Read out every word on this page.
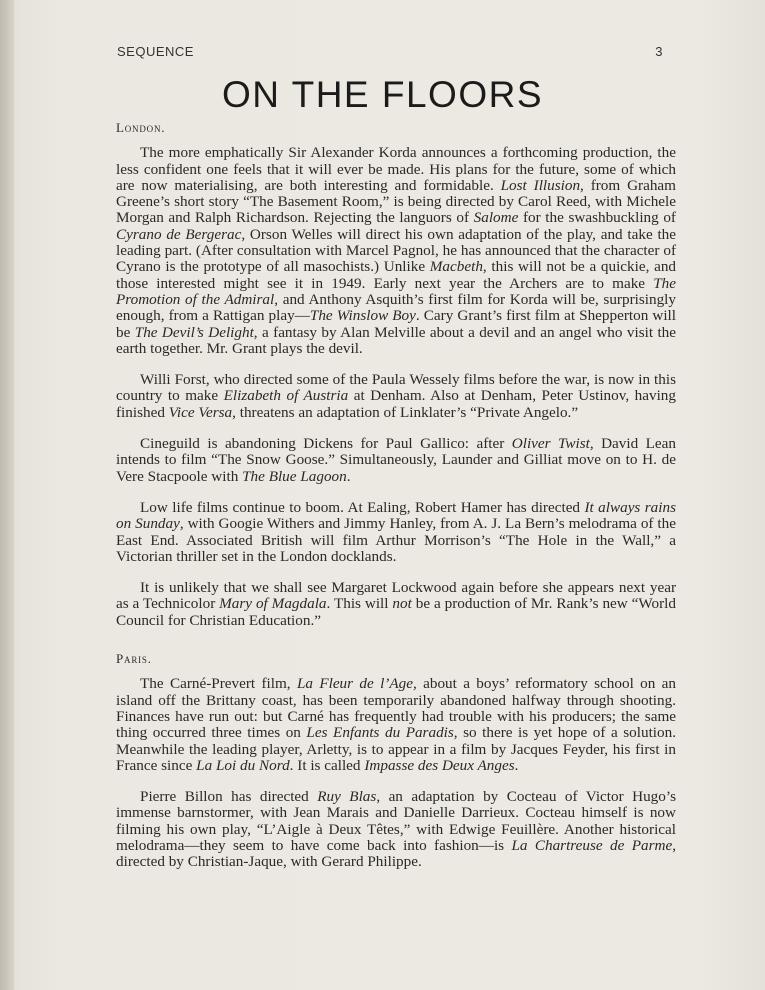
SEQUENCE	3
ON THE FLOORS
London.

The more emphatically Sir Alexander Korda announces a forthcoming production, the less confident one feels that it will ever be made. His plans for the future, some of which are now materialising, are both interesting and formidable. Lost Illusion, from Graham Greene’s short story “The Basement Room,” is being directed by Carol Reed, with Michele Morgan and Ralph Richardson. Rejecting the languors of Salome for the swashbuckling of Cyrano de Bergerac, Orson Welles will direct his own adaptation of the play, and take the leading part. (After consultation with Marcel Pagnol, he has announced that the character of Cyrano is the prototype of all masochists.) Unlike Macbeth, this will not be a quickie, and those interested might see it in 1949. Early next year the Archers are to make The Promotion of the Admiral, and Anthony Asquith’s first film for Korda will be, surprisingly enough, from a Rattigan play—The Winslow Boy. Cary Grant’s first film at Shepperton will be The Devil’s Delight, a fantasy by Alan Melville about a devil and an angel who visit the earth together. Mr. Grant plays the devil.

Willi Forst, who directed some of the Paula Wessely films before the war, is now in this country to make Elizabeth of Austria at Denham. Also at Denham, Peter Ustinov, having finished Vice Versa, threatens an adaptation of Linklater’s “Private Angelo.”

Cineguild is abandoning Dickens for Paul Gallico: after Oliver Twist, David Lean intends to film “The Snow Goose.” Simultaneously, Launder and Gilliat move on to H. de Vere Stacpoole with The Blue Lagoon.

Low life films continue to boom. At Ealing, Robert Hamer has directed It always rains on Sunday, with Googie Withers and Jimmy Hanley, from A. J. La Bern’s melodrama of the East End. Associated British will film Arthur Morrison’s “The Hole in the Wall,” a Victorian thriller set in the London docklands.

It is unlikely that we shall see Margaret Lockwood again before she appears next year as a Technicolor Mary of Magdala. This will not be a production of Mr. Rank’s new “World Council for Christian Education.”

Paris.

The Carné-Prevert film, La Fleur de l’Age, about a boys’ reformatory school on an island off the Brittany coast, has been temporarily abandoned halfway through shooting. Finances have run out: but Carné has frequently had trouble with his producers; the same thing occurred three times on Les Enfants du Paradis, so there is yet hope of a solution. Meanwhile the leading player, Arletty, is to appear in a film by Jacques Feyder, his first in France since La Loi du Nord. It is called Impasse des Deux Anges.

Pierre Billon has directed Ruy Blas, an adaptation by Cocteau of Victor Hugo’s immense barnstormer, with Jean Marais and Danielle Darrieux. Cocteau himself is now filming his own play, “L’Aigle à Deux Têtes,” with Edwige Feuillère. Another historical melodrama—they seem to have come back into fashion—is La Chartreuse de Parme, directed by Christian-Jaque, with Gerard Philippe.
